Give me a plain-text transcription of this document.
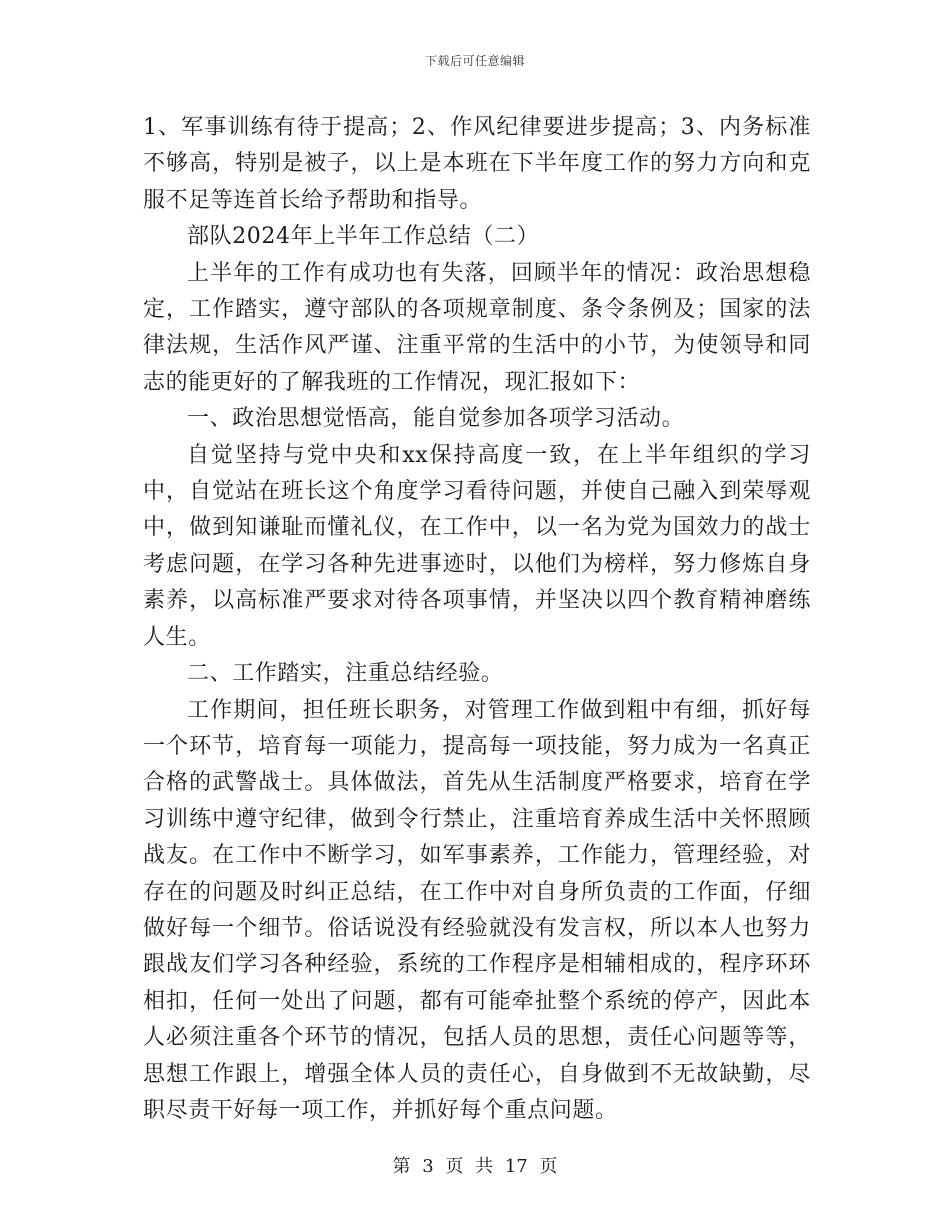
下载后可任意编辑

1、军事训练有待于提高；2、作风纪律要进步提高；3、内务标准不够高，特别是被子，以上是本班在下半年度工作的努力方向和克服不足等连首长给予帮助和指导。

部队2024年上半年工作总结（二）

上半年的工作有成功也有失落，回顾半年的情况：政治思想稳定，工作踏实，遵守部队的各项规章制度、条令条例及；国家的法律法规，生活作风严谨、注重平常的生活中的小节，为使领导和同志的能更好的了解我班的工作情况，现汇报如下：

一、政治思想觉悟高，能自觉参加各项学习活动。

自觉坚持与党中央和xx保持高度一致，在上半年组织的学习中，自觉站在班长这个角度学习看待问题，并使自己融入到荣辱观中，做到知谦耻而懂礼仪，在工作中，以一名为党为国效力的战士考虑问题，在学习各种先进事迹时，以他们为榜样，努力修炼自身素养，以高标准严要求对待各项事情，并坚决以四个教育精神磨练人生。

二、工作踏实，注重总结经验。

工作期间，担任班长职务，对管理工作做到粗中有细，抓好每一个环节，培育每一项能力，提高每一项技能，努力成为一名真正合格的武警战士。具体做法，首先从生活制度严格要求，培育在学习训练中遵守纪律，做到令行禁止，注重培育养成生活中关怀照顾战友。在工作中不断学习，如军事素养，工作能力，管理经验，对存在的问题及时纠正总结，在工作中对自身所负责的工作面，仔细做好每一个细节。俗话说没有经验就没有发言权，所以本人也努力跟战友们学习各种经验，系统的工作程序是相辅相成的，程序环环相扣，任何一处出了问题，都有可能牵扯整个系统的停产，因此本人必须注重各个环节的情况，包括人员的思想，责任心问题等等，思想工作跟上，增强全体人员的责任心，自身做到不无故缺勤，尽职尽责干好每一项工作，并抓好每个重点问题。

第 3 页 共 17 页
